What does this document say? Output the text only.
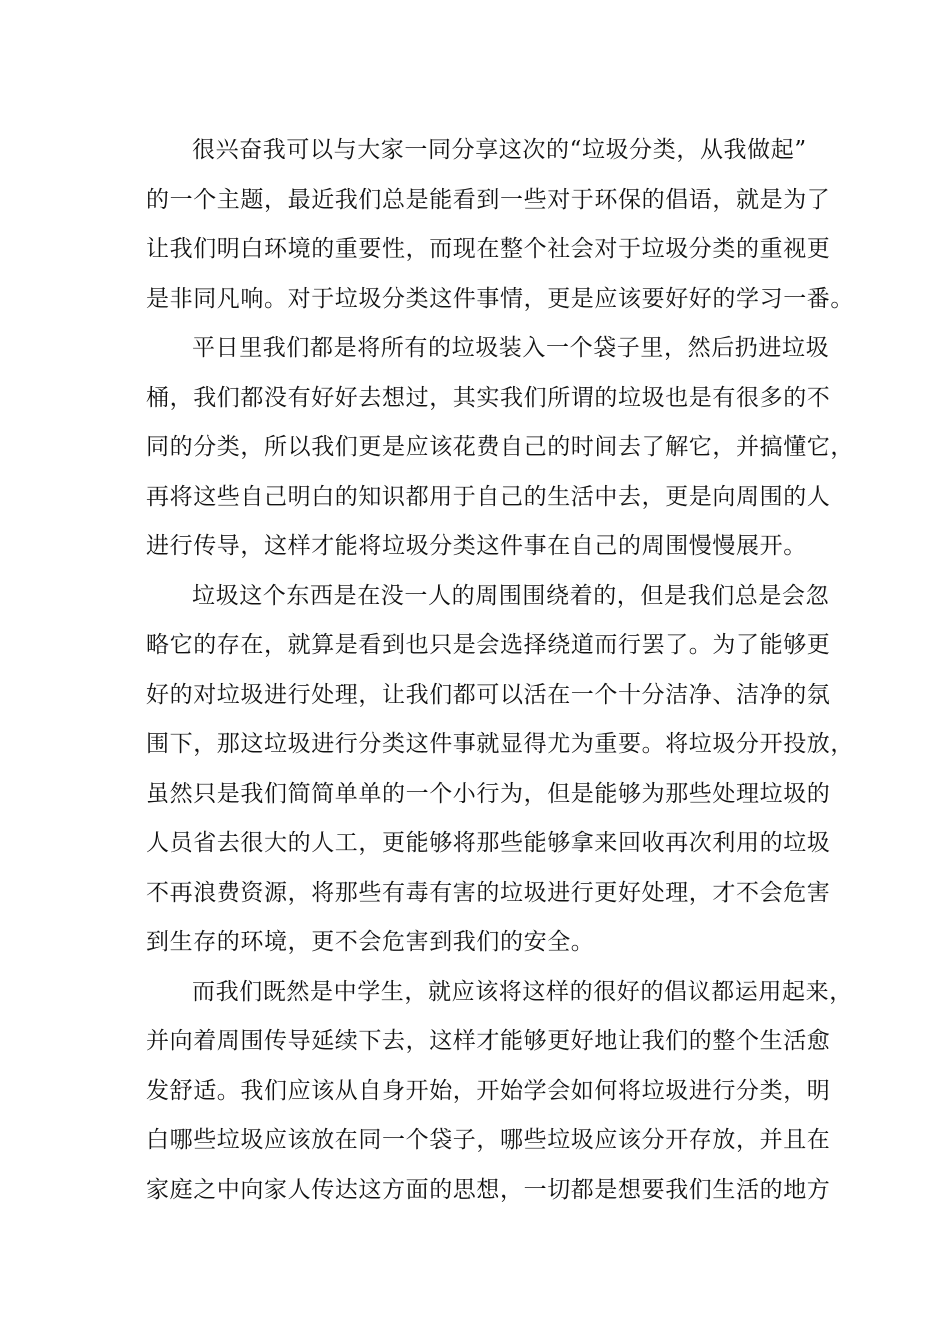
很兴奋我可以与大家一同分享这次的“垃圾分类，从我做起”
的一个主题，最近我们总是能看到一些对于环保的倡语，就是为了
让我们明白环境的重要性，而现在整个社会对于垃圾分类的重视更
是非同凡响。对于垃圾分类这件事情，更是应该要好好的学习一番。
平日里我们都是将所有的垃圾装入一个袋子里，然后扔进垃圾
桶，我们都没有好好去想过，其实我们所谓的垃圾也是有很多的不
同的分类，所以我们更是应该花费自己的时间去了解它，并搞懂它，
再将这些自己明白的知识都用于自己的生活中去，更是向周围的人
进行传导，这样才能将垃圾分类这件事在自己的周围慢慢展开。
垃圾这个东西是在没一人的周围围绕着的，但是我们总是会忽
略它的存在，就算是看到也只是会选择绕道而行罢了。为了能够更
好的对垃圾进行处理，让我们都可以活在一个十分洁净、洁净的氛
围下，那这垃圾进行分类这件事就显得尤为重要。将垃圾分开投放，
虽然只是我们简简单单的一个小行为，但是能够为那些处理垃圾的
人员省去很大的人工，更能够将那些能够拿来回收再次利用的垃圾
不再浪费资源，将那些有毒有害的垃圾进行更好处理，才不会危害
到生存的环境，更不会危害到我们的安全。
而我们既然是中学生，就应该将这样的很好的倡议都运用起来，
并向着周围传导延续下去，这样才能够更好地让我们的整个生活愈
发舒适。我们应该从自身开始，开始学会如何将垃圾进行分类，明
白哪些垃圾应该放在同一个袋子，哪些垃圾应该分开存放，并且在
家庭之中向家人传达这方面的思想，一切都是想要我们生活的地方
